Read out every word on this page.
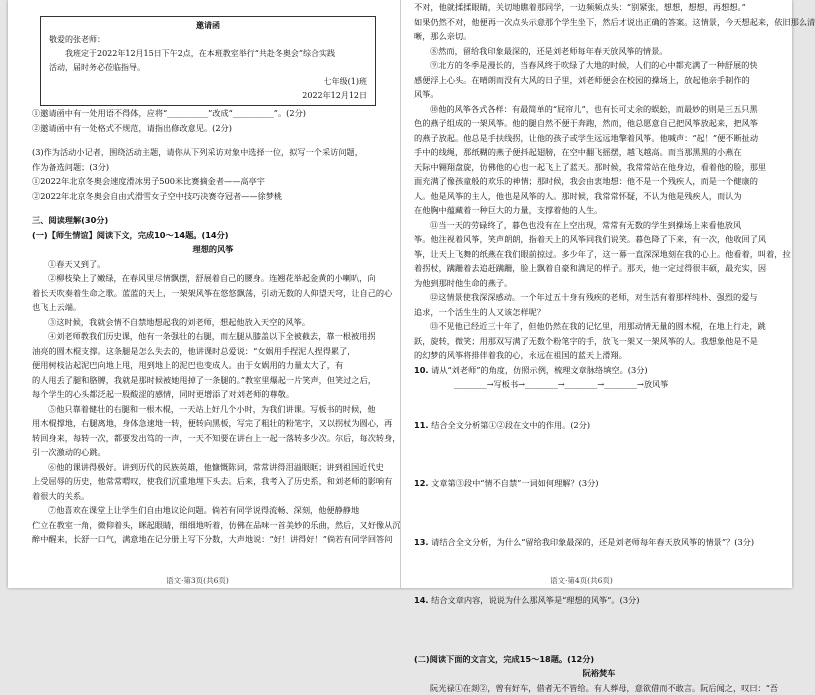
邀请函
敬爱的张老师：
我班定于2022年12月15日下午2点，在本班教室举行“共赴冬奥会”综合实践
活动，届时务必莅临指导。
七年级(1)班
2022年12月12日
①邀请函中有一处用语不得体，应将“__________”改成“__________”。(2分)
②邀请函中有一处格式不规范，请指出修改意见。(2分)
(3)作为活动小记者，围绕活动主题，请你从下列采访对象中选择一位，拟写一个采访问题，
作为备选问题；(3分)
①2022年北京冬奥会速度滑冰男子500米比赛摘金者——高亭宇
②2022年北京冬奥会自由式滑雪女子空中技巧决赛夺冠者——徐梦桃
三、阅读理解(30分)
(一)【师生情谊】阅读下文，完成10～14题。(14分)
理想的风筝
①春天又到了。
②柳枝染上了嫩绿，在春风里尽情飘摆，舒展着自己的腰身。连翘花举起金黄的小喇叭，向
着长天吹奏着生命之歌。蓝蓝的天上，一架架风筝在悠悠飘荡，引动无数的人仰望天穹，让自己的心
也飞上云端。
③这时候，我就会情不自禁地想起我的刘老师，想起他放入天空的风筝。
④刘老师教我们历史课，他有一条强壮的右腿，而左腿从膝盖以下全被截去，靠一根被用拐
油亮的圆木棍支撑。这条腿是怎么失去的，他讲课时总爱说：“女娲用手捏泥人捏得累了，
便用树枝沾起泥巴向地上甩，甩到地上的泥巴也变成人。由于女娲用的力量太大了，有
的人甩丢了腿和胳膊，我就是那时候被她甩掉了一条腿的。”教室里爆起一片笑声，但笑过之后，
每个学生的心头都泛起一股酸涩的感情，同时更增添了对刘老师的尊敬。
⑤他只靠着健壮的右腿和一根木棍，一天站上好几个小时，为我们讲课。写板书的时候，他
用木棍撑地，右腿离地，身体急速地一转，便转向黑板，写完了粗壮的粉笔字，又以拐杖为圆心，再
转回身来，每转一次，都要发出笃的一声，一天不知要在讲台上一起一落转多少次。尔后，每次转身，
引一次激动的心跳。
⑥他的课讲得极好。讲到历代的民族英雄，他慷慨陈词，常常讲得泪溢眼眶；讲到祖国近代史
上受屈辱的历史，他常常喟叹，使我们沉重地埋下头去。后来，我考入了历史系，和刘老师的影响有
着很大的关系。
⑦他喜欢在课堂上让学生们自由地议论问题。倘若有同学说得流畅、深刻，他便静静地
伫立在教室一角，微仰着头，眯起眼睛，细细地听着，仿佛在品味一首美妙的乐曲，然后，又好像从沉
醉中醒来，长舒一口气，满意地在记分册上写下分数，大声地说：“好！讲得好！”倘若有同学回答问
语文·第3页(共6页)
不对，他就揉揉眼睛，关切地瞧着那同学，一边频频点头：“别紧张，想想，想想，再想想。”
如果仍然不对，他便再一次点头示意那个学生坐下，然后才说出正确的答案。这情景，今天想起来，依旧那么清
晰，那么亲切。
⑧然而，留给我印象最深的，还是刘老师每年春天放风筝的情景。
⑨北方的冬季是漫长的，当春风终于吹绿了大地的时候，人们的心中都充满了一种舒展的快
感便浮上心头。在晴朗而没有大风的日子里，刘老师便会在校园的操场上，放起他亲手制作的
风筝。
⑩他的风筝各式各样：有最简单的“屁帘儿”，也有长可丈余的蜈蚣，而最妙的则是三五只黑
色的燕子组成的一架风筝。他的腿自然不便于奔跑，然而，他总愿意自己把风筝放起来，把风筝
的燕子放起。他总是手扶线拐，让他的孩子或学生远远地擎着风筝。他喊声：“起！”便不断扯动
手中的线绳，那纸糊的燕子便抖起翅膀，在空中翻飞摇摆，越飞越高。而当那黑黑的小燕在
天际中翱翔盘旋，仿佛他的心也一起飞上了蓝天。那时候，我常常站在他身边，看着他的脸，那里
面充满了像孩童般的欢乐的神情；那时候，我会由衷地想：他不是一个残疾人，而是一个健康的
人。他是风筝的主人，他也是风筝的人。那时候，我常常怀疑，不认为他是残疾人，而认为
在他胸中蕴藏着一种巨大的力量，支撑着他的人生。
⑪当一天的劳碌终了，暮色也没有在上空出现，常常有无数的学生到操场上来看他放风
筝。他注视着风筝，笑声朗朗，指着天上的风筝同我们说笑。暮色降了下来，有一次，他收回了风
筝，让天上飞舞的纸燕在我们眼前掠过。多少年了，这一幕一直深深地刻在我的心上。他看着，叫着，拉
着拐杖，蹒跚着去追赶蹒跚，脸上飘着自豪和满足的样子。那天，他一定过得很丰硕，最充实，因
为他到那时他生命的燕子。
⑫这情景使我深深感动。一个年过五十身有残疾的老师，对生活有着那样纯朴、强烈的爱与
追求，一个活生生的人又该怎样呢？
⑬不见他已经近三十年了，但他仍然在我的记忆里，用那动情无量的圆木棍，在地上行走，跳
跃，旋转，微笑；用那双写满了无数个粉笔字的手，放飞一架又一架风筝的人。我想象他是不是
的幻梦的风筝将排伴着我的心，永远在祖国的蓝天上滑翔。
10. 请从“刘老师”的角度，仿照示例，梳理文章脉络填空。(3分)
________→写板书→________→________→________→放风筝
11. 结合全文分析第①②段在文中的作用。(2分)
12. 文章第③段中“情不自禁”一词如何理解？(3分)
13. 请结合全文分析，为什么“留给我印象最深的，还是刘老师每年春天放风筝的情景”？(3分)
14. 结合文章内容，说说为什么那风筝是“理想的风筝”。(3分)
(二)阅读下面的文言文，完成15～18题。(12分)
阮裕焚车
阮光禄①在剡②，曾有好车，借者无不皆给。有人葬母，意欲借而不敢言。阮后闻之，叹曰：“吾
语文·第4页(共6页)
